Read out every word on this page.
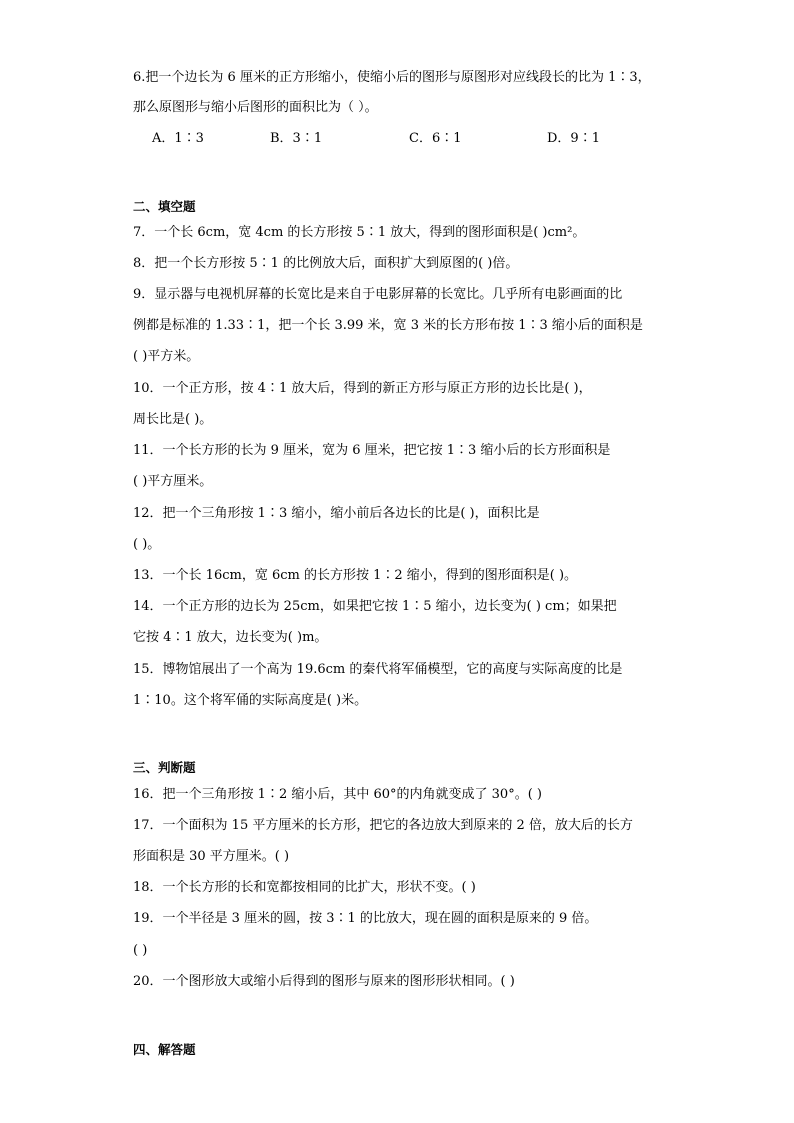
6.把一个边长为 6 厘米的正方形缩小，使缩小后的图形与原图形对应线段长的比为 1∶3，
那么原图形与缩小后图形的面积比为（ ）。
A．1∶3	B．3∶1	C．6∶1	D．9∶1
二、填空题
7．一个长 6cm，宽 4cm 的长方形按 5∶1 放大，得到的图形面积是( )cm²。
8．把一个长方形按 5∶1 的比例放大后，面积扩大到原图的( )倍。
9．显示器与电视机屏幕的长宽比是来自于电影屏幕的长宽比。几乎所有电影画面的比
例都是标准的 1.33∶1，把一个长 3.99 米，宽 3 米的长方形布按 1∶3 缩小后的面积是
( )平方米。
10．一个正方形，按 4∶1 放大后，得到的新正方形与原正方形的边长比是( )，
周长比是( )。
11．一个长方形的长为 9 厘米，宽为 6 厘米，把它按 1∶3 缩小后的长方形面积是
( )平方厘米。
12．把一个三角形按 1∶3 缩小，缩小前后各边长的比是( )，面积比是
( )。
13．一个长 16cm，宽 6cm 的长方形按 1∶2 缩小，得到的图形面积是( )。
14．一个正方形的边长为 25cm，如果把它按 1∶5 缩小，边长变为( ) cm；如果把
它按 4∶1 放大，边长变为( )m。
15．博物馆展出了一个高为 19.6cm 的秦代将军俑模型，它的高度与实际高度的比是
1∶10。这个将军俑的实际高度是( )米。
三、判断题
16．把一个三角形按 1∶2 缩小后，其中 60°的内角就变成了 30°。( )
17．一个面积为 15 平方厘米的长方形，把它的各边放大到原来的 2 倍，放大后的长方
形面积是 30 平方厘米。( )
18．一个长方形的长和宽都按相同的比扩大，形状不变。( )
19．一个半径是 3 厘米的圆，按 3∶1 的比放大，现在圆的面积是原来的 9 倍。
( )
20．一个图形放大或缩小后得到的图形与原来的图形形状相同。( )
四、解答题
